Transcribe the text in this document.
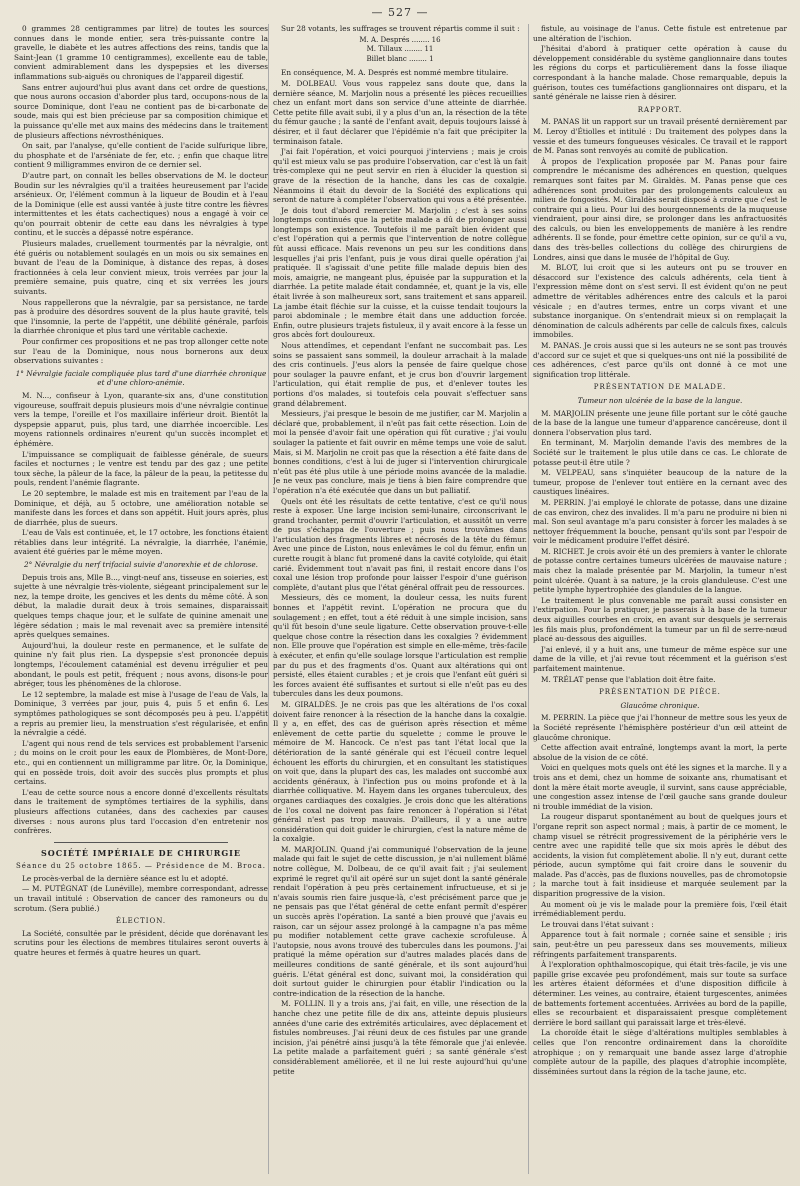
— 527 —

0 grammes 28 centigrammes par litre) de toutes les sources connues dans le monde entier, sera très-puissante contre la gravelle, le diabète et les autres affections des reins, tandis que la Saint-Jean (1 gramme 10 centigrammes), excellente eau de table, convient admirablement dans les dyspepsies et les diverses inflammations sub-aiguës ou chroniques de l'appareil digestif.

Sans entrer aujourd'hui plus avant dans cet ordre de questions, que nous aurons occasion d'aborder plus tard, occupons-nous de la source Dominique, dont l'eau ne contient pas de bi-carbonate de soude, mais qui est bien précieuse par sa composition chimique et la puissance qu'elle met aux mains des médecins dans le traitement de plusieurs affections névrosthéniques.

On sait, par l'analyse, qu'elle contient de l'acide sulfurique libre, du phosphate et de l'arséniate de fer, etc. ; enfin que chaque litre contient 9 milligrammes environ de ce dernier sel.

D'autre part, on connaît les belles observations de M. le docteur Boudin sur les névralgies qu'il a traitées heureusement par l'acide arsénieux. Or, l'élément commun à la liqueur de Boudin et à l'eau de la Dominique (elle est aussi vantée à juste titre contre les fièvres intermittentes et les états cachectiques) nous a engagé à voir ce qu'on pourrait obtenir de cette eau dans les névralgies à type continu, et le succès a dépassé notre espérance.

Plusieurs malades, cruellement tourmentés par la névralgie, ont été guéris ou notablement soulagés en un mois ou six semaines en buvant de l'eau de la Dominique, à distance des repas, à doses fractionnées à cela leur convient mieux, trois verrées par jour la première semaine, puis quatre, cinq et six verrées les jours suivants.

Nous rappellerons que la névralgie, par sa persistance, ne tarde pas à produire des désordres souvent de la plus haute gravité, tels que l'insomnie, la perte de l'appétit, une débilité générale, parfois la diarrhée chronique et plus tard une véritable cachexie.

Pour confirmer ces propositions et ne pas trop allonger cette note sur l'eau de la Dominique, nous nous bornerons aux deux observations suivantes :

1° Névralgie faciale compliquée plus tard d'une diarrhée chronique et d'une chloro-anémie.

M. N..., confiseur à Lyon, quarante-six ans, d'une constitution vigoureuse, souffrait depuis plusieurs mois d'une névralgie continue vers la tempe, l'oreille et l'os maxillaire inférieur droit. Bientôt la dyspepsie apparut, puis, plus tard, une diarrhée incoercible. Les moyens rationnels ordinaires n'eurent qu'un succès incomplet et éphémère.

L'impuissance se compliquait de faiblesse générale, de sueurs faciles et nocturnes ; le ventre est tendu par des gaz ; une petite toux sèche, la pâleur de la face, la pâleur de la peau, la petitesse du pouls, rendent l'anémie flagrante.

Le 20 septembre, le malade est mis en traitement par l'eau de la Dominique, et déjà, au 5 octobre, une amélioration notable se manifeste dans les forces et dans son appétit. Huit jours après, plus de diarrhée, plus de sueurs.

L'eau de Vals est continuée, et, le 17 octobre, les fonctions étaient rétablies dans leur intégrité. La névralgie, la diarrhée, l'anémie, avaient été guéries par le même moyen.

2° Névralgie du nerf trifacial suivie d'anorexhie et de chlorose.

Depuis trois ans, Mlle B..., vingt-neuf ans, tisseuse en soieries, est sujette à une névralgie très-violente, siégeant principalement sur le nez, la tempe droite, les gencives et les dents du même côté. À son début, la maladie durait deux à trois semaines, disparaissait quelques temps chaque jour, et le sulfate de quinine amenait une légère sédation ; mais le mal revenait avec sa première intensité après quelques semaines.

Aujourd'hui, la douleur reste en permanence, et le sulfate de quinine n'y fait plus rien. La dyspepsie s'est prononcée depuis longtemps, l'écoulement cataménial est devenu irrégulier et peu abondant, le pouls est petit, fréquent ; nous avons, disons-le pour abréger, tous les phénomènes de la chlorose.

Le 12 septembre, la malade est mise à l'usage de l'eau de Vals, la Dominique, 3 verrées par jour, puis 4, puis 5 et enfin 6. Les symptômes pathologiques se sont décomposés peu à peu. L'appétit a repris au premier lieu, la menstruation s'est régularisée, et enfin la névralgie a cédé.

L'agent qui nous rend de tels services est probablement l'arsenic ; du moins on le croit pour les eaux de Plombières, de Mont-Dore, etc., qui en contiennent un milligramme par litre. Or, la Dominique, qui en possède trois, doit avoir des succès plus prompts et plus certains.

L'eau de cette source nous a encore donné d'excellents résultats dans le traitement de symptômes tertiaires de la syphilis, dans plusieurs affections cutanées, dans des cachexies par causes diverses : nous aurons plus tard l'occasion d'en entretenir nos confrères.

SOCIÉTÉ IMPÉRIALE DE CHIRURGIE
Séance du 25 octobre 1865. — Présidence de M. Broca.

Le procès-verbal de la dernière séance est lu et adopté.

— M. PUTÉGNAT (de Lunéville), membre correspondant, adresse un travail intitulé : Observation de cancer des ramoneurs ou du scrotum. (Sera publié.)

ÉLECTION.

La Société, consultée par le président, décide que dorénavant les scrutins pour les élections de membres titulaires seront ouverts à quatre heures et fermés à quatre heures un quart.

Sur 28 votants, les suffrages se trouvent répartis comme il suit :

M. A. Després ........ 16
M. Tillaux ........ 11
Billet blanc ........ 1

En conséquence, M. A. Després est nommé membre titulaire.

M. DOLBEAU. Vous vous rappelez sans doute que, dans la dernière séance, M. Marjolin nous a présenté les pièces recueillies chez un enfant mort dans son service d'une atteinte de diarrhée. Cette petite fille avait subi, il y a plus d'un an, la résection de la tête du fémur gauche ; la santé de l'enfant avait, depuis toujours laissé à désirer, et il faut déclarer que l'épidémie n'a fait que précipiter la terminaison fatale.

J'ai fait l'opération, et voici pourquoi j'interviens ; mais je crois qu'il est mieux valu se pas produire l'observation, car c'est là un fait très-complexe qui ne peut servir en rien à élucider la question si grave de la résection de la hanche, dans les cas de coxalgie. Néanmoins il était du devoir de la Société des explications qui seront de nature à compléter l'observation qui vous a été présentée.

Je dois tout d'abord remercier M. Marjolin ; c'est à ses soins longtemps continués que la petite malade a dû de prolonger aussi longtemps son existence. Toutefois il me paraît bien évident que c'est l'opération qui a permis que l'intervention de notre collègue fût aussi efficace. Mais revenons un peu sur les conditions dans lesquelles j'ai pris l'enfant, puis je vous dirai quelle opération j'ai pratiquée. Il s'agissait d'une petite fille malade depuis bien des mois, amaigrie, ne mangeant plus, épuisée par la suppuration et la diarrhée. La petite malade était condamnée, et, quant je la vis, elle était livrée à son malheureux sort, sans traitement et sans appareil. La jambe était fléchie sur la cuisse, et la cuisse tendait toujours la paroi abdominale ; le membre était dans une adduction forcée. Enfin, outre plusieurs trajets fistuleux, il y avait encore à la fesse un gros abcès fort douloureux.

Nous attendîmes, et cependant l'enfant ne succombait pas. Les soins se passaient sans sommeil, la douleur arrachait à la malade des cris continuels. J'eus alors la pensée de faire quelque chose pour soulager la pauvre enfant, et je crus bon d'ouvrir largement l'articulation, qui était remplie de pus, et d'enlever toutes les portions d'os malades, si toutefois cela pouvait s'effectuer sans grand délabrement.

Messieurs, j'ai presque le besoin de me justifier, car M. Marjolin a déclaré que, probablement, il n'eût pas fait cette résection. Loin de moi la pensée d'avoir fait une opération qui fût curative ; j'ai voulu soulager la patiente et fait ouvrir en même temps une voie de salut. Mais, si M. Marjolin ne croit pas que la résection a été faite dans de bonnes conditions, c'est à lui de juger si l'intervention chirurgicale n'eût pas été plus utile à une période moins avancée de la maladie. Je ne veux pas conclure, mais je tiens à bien faire comprendre que l'opération n'a été exécutée que dans un but palliatif.

Quels ont été les résultats de cette tentative, c'est ce qu'il nous reste à exposer. Une large incision semi-lunaire, circonscrivant le grand trochanter, permit d'ouvrir l'articulation, et aussitôt un verre de pus s'échappa de l'ouverture ; puis nous trouvâmes dans l'articulation des fragments libres et nécrosés de la tête du fémur. Avec une pince de Liston, nous enlevâmes le col du fémur, enfin un curette rougit à blanc fut promené dans la cavité cotyloïde, qui était carié. Évidemment tout n'avait pas fini, il restait encore dans l'os coxal une lésion trop profonde pour laisser l'espoir d'une guérison complète, d'autant plus que l'état général offrait peu de ressources.

Messieurs, dès ce moment, la douleur cessa, les nuits furent bonnes et l'appétit revint. L'opération ne procura que du soulagement ; en effet, tout a été réduit à une simple incision, sans qu'il fût besoin d'une seule ligature. Cette observation prouve-t-elle quelque chose contre la résection dans les coxalgies ? évidemment non. Elle prouve que l'opération est simple en elle-même, très-facile à exécuter, et enfin qu'elle soulage lorsque l'articulation est remplie par du pus et des fragments d'os. Quant aux altérations qui ont persisté, elles étaient curables ; et je crois que l'enfant eût guéri si les forces avaient été suffisantes et surtout si elle n'eût pas eu des tubercules dans les deux poumons.

M. GIRALDÈS. Je ne crois pas que les altérations de l'os coxal doivent faire renoncer à la résection de la hanche dans la coxalgie. Il y a, en effet, des cas de guérison après résection et même enlèvement de cette partie du squelette ; comme le prouve le mémoire de M. Hancock. Ce n'est pas tant l'état local que la détérioration de la santé générale qui est l'écueil contre lequel échouent les efforts du chirurgien, et en consultant les statistiques on voit que, dans la plupart des cas, les malades ont succombé aux accidents généraux, à l'infection pus ou moins profonde et à la diarrhée colliquative. M. Hayem dans les organes tuberculeux, des organes cardiaques des coxalgies. Je crois donc que les altérations de l'os coxal ne doivent pas faire renoncer à l'opération si l'état général n'est pas trop mauvais. D'ailleurs, il y a une autre considération qui doit guider le chirurgien, c'est la nature même de la coxalgie.

M. MARJOLIN. Quand j'ai communiqué l'observation de la jeune malade qui fait le sujet de cette discussion, je n'ai nullement blâmé notre collègue, M. Dolbeau, de ce qu'il avait fait ; j'ai seulement exprimé le regret qu'il ait opéré sur un sujet dont la santé générale rendait l'opération à peu près certainement infructueuse, et si je n'avais soumis rien faire jusque-là, c'est précisément parce que je ne pensais pas que l'état général de cette enfant permît d'espérer un succès après l'opération. La santé a bien prouvé que j'avais eu raison, car un séjour assez prolongé à la campagne n'a pas même pu modifier notablement cette grave cachexie scrofuleuse. À l'autopsie, nous avons trouvé des tubercules dans les poumons. J'ai pratiqué la même opération sur d'autres malades placés dans de meilleures conditions de santé générale, et ils sont aujourd'hui guéris. L'état général est donc, suivant moi, la considération qui doit surtout guider le chirurgien pour établir l'indication ou la contre-indication de la résection de la hanche.

M. FOLLIN. Il y a trois ans, j'ai fait, en ville, une résection de la hanche chez une petite fille de dix ans, atteinte depuis plusieurs années d'une carie des extrémités articulaires, avec déplacement et fistules nombreuses. J'ai réuni deux de ces fistules par une grande incision, j'ai pénétré ainsi jusqu'à la tête fémorale que j'ai enlevée. La petite malade a parfaitement guéri ; sa santé générale s'est considérablement améliorée, et il ne lui reste aujourd'hui qu'une petite

fistule, au voisinage de l'anus. Cette fistule est entretenue par une altération de l'ischion.

J'hésitai d'abord à pratiquer cette opération à cause du développement considérable du système ganglionnaire dans toutes les régions du corps et particulièrement dans la fosse iliaque correspondant à la hanche malade. Chose remarquable, depuis la guérison, toutes ces tuméfactions ganglionnaires ont disparu, et la santé générale ne laisse rien à désirer.

RAPPORT.

M. PANAS lit un rapport sur un travail présenté dernièrement par M. Leroy d'Étiolles et intitulé : Du traitement des polypes dans la vessie et des tumeurs fongueuses vésicales. Ce travail et le rapport de M. Panas sont renvoyés au comité de publication.

À propos de l'explication proposée par M. Panas pour faire comprendre le mécanisme des adhérences en question, quelques remarques sont faites par M. Giraldès. M. Panas pense que ces adhérences sont produites par des prolongements calculeux au milieu de fongosités. M. Giraldès serait disposé à croire que c'est le contraire qui a lieu. Pour lui des bourgeonnements de la muqueuse viendraient, pour ainsi dire, se prolonger dans les anfractuosités des calculs, ou bien les enveloppements de manière à les rendre adhérents. Il se fonde, pour émettre cette opinion, sur ce qu'il a vu, dans des très-belles collections du collège des chirurgiens de Londres, ainsi que dans le musée de l'hôpital de Guy.

M. BLOT, lui croit que si les auteurs ont pu se trouver en désaccord sur l'existence des calculs adhérents, cela tient à l'expression même dont on s'est servi. Il est évident qu'on ne peut admettre de véritables adhérences entre des calculs et la paroi vésicale ; en d'autres termes, entre un corps vivant et une substance inorganique. On s'entendrait mieux si on remplaçait la dénomination de calculs adhérents par celle de calculs fixes, calculs immobiles.

M. PANAS. Je crois aussi que si les auteurs ne se sont pas trouvés d'accord sur ce sujet et que si quelques-uns ont nié la possibilité de ces adhérences, c'est parce qu'ils ont donné à ce mot une signification trop littérale.

PRÉSENTATION DE MALADE.
Tumeur non ulcérée de la base de la langue.

M. MARJOLIN présente une jeune fille portant sur le côté gauche de la base de la langue une tumeur d'apparence cancéreuse, dont il donnera l'observation plus tard.

En terminant, M. Marjolin demande l'avis des membres de la Société sur le traitement le plus utile dans ce cas. Le chlorate de potasse peut-il être utile ?

M. VELPEAU, sans s'inquiéter beaucoup de la nature de la tumeur, propose de l'enlever tout entière en la cernant avec des caustiques linéaires.

M. PERRIN. J'ai employé le chlorate de potasse, dans une dizaine de cas environ, chez des invalides. Il m'a paru ne produire ni bien ni mal. Son seul avantage m'a paru consister à forcer les malades à se nettoyer fréquemment la bouche, pensant qu'ils sont par l'espoir de voir le médicament produire l'effet désiré.

M. RICHET. Je crois avoir été un des premiers à vanter le chlorate de potasse contre certaines tumeurs ulcérées de mauvaise nature ; mais chez la malade présentée par M. Marjolin, la tumeur n'est point ulcérée. Quant à sa nature, je la crois glanduleuse. C'est une petite lymphe hypertrophiée des glandules de la langue.

Le traitement le plus convenable me paraît aussi consister en l'extirpation. Pour la pratiquer, je passerais à la base de la tumeur deux aiguilles courbes en croix, en avant sur desquels je serrerais les fils mais plus, profondément la tumeur par un fil de serre-nœud placé au-dessous des aiguilles.

J'ai enlevé, il y a huit ans, une tumeur de même espèce sur une dame de la ville, et j'ai revue tout récemment et la guérison s'est parfaitement maintenue.

M. TRÉLAT pense que l'ablation doit être faite.

PRÉSENTATION DE PIÈCE.
Glaucôme chronique.

M. PERRIN. La pièce que j'ai l'honneur de mettre sous les yeux de la Société représente l'hémisphère postérieur d'un œil atteint de glaucôme chronique.

Cette affection avait entraîné, longtemps avant la mort, la perte absolue de la vision de ce côté.

Voici en quelques mots quels ont été les signes et la marche. Il y a trois ans et demi, chez un homme de soixante ans, rhumatisant et dont la mère était morte aveugle, il survint, sans cause appréciable, une congestion assez intense de l'œil gauche sans grande douleur ni trouble immédiat de la vision.

La rougeur disparut spontanément au bout de quelques jours et l'organe reprit son aspect normal ; mais, à partir de ce moment, le champ visuel se rétrécit progressivement de la périphérie vers le centre avec une rapidité telle que six mois après le début des accidents, la vision fut complètement abolie. Il n'y eut, durant cette période, aucun symptôme qui fait croire dans le souvenir du malade. Pas d'accès, pas de fluxions nouvelles, pas de chromotopsie ; la marche tout à fait insidieuse et marquée seulement par la disparition progressive de la vision.

Au moment où je vis le malade pour la première fois, l'œil était irrémédiablement perdu.

Le trouvai dans l'état suivant :

Apparence tout à fait normale ; cornée saine et sensible ; iris sain, peut-être un peu paresseux dans ses mouvements, milieux réfringents parfaitement transparents.

À l'exploration ophthalmoscopique, qui était très-facile, je vis une papille grise excavée peu profondément, mais sur toute sa surface les artères étaient déformées et d'une disposition difficile à déterminer. Les veines, au contraire, étaient turgescentes, animées de battements fortement accentuées. Arrivées au bord de la papille, elles se recourbaient et disparaissaient presque complètement derrière le bord saillant qui paraissait large et très-élevé.

La choroïde était le siège d'altérations multiples semblables à celles que l'on rencontre ordinairement dans la choroïdite atrophique ; on y remarquait une bande assez large d'atrophie complète autour de la papille, des plaques d'atrophie incomplète, disséminées surtout dans la région de la tache jaune, etc.
